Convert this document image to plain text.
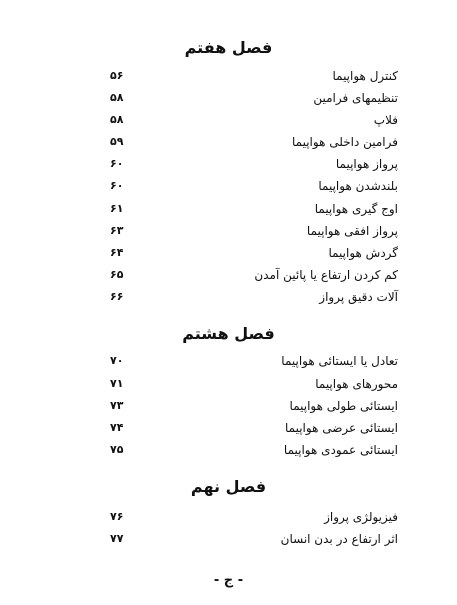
فصل هفتم
کنترل هواپیما
۵۶
تنظیمهای فرامین
۵۸
فلاپ
۵۸
فرامین داخلی هواپیما
۵۹
پرواز هواپیما
۶۰
بلندشدن هواپیما
۶۰
اوج گیری هواپیما
۶۱
پرواز افقی هواپیما
۶۳
گردش هواپیما
۶۴
کم کردن ارتفاع یا پائین آمدن
۶۵
آلات دقیق پرواز
۶۶
فصل هشتم
تعادل یا ایستائی هواپیما
۷۰
محورهای هواپیما
۷۱
ایستائی طولی هواپیما
۷۳
ایستائی عرضی هواپیما
۷۴
ایستائی عمودی هواپیما
۷۵
فصل نهم
فیزیولژی پرواز
۷۶
اثر ارتفاع در بدن انسان
۷۷
- ج -
